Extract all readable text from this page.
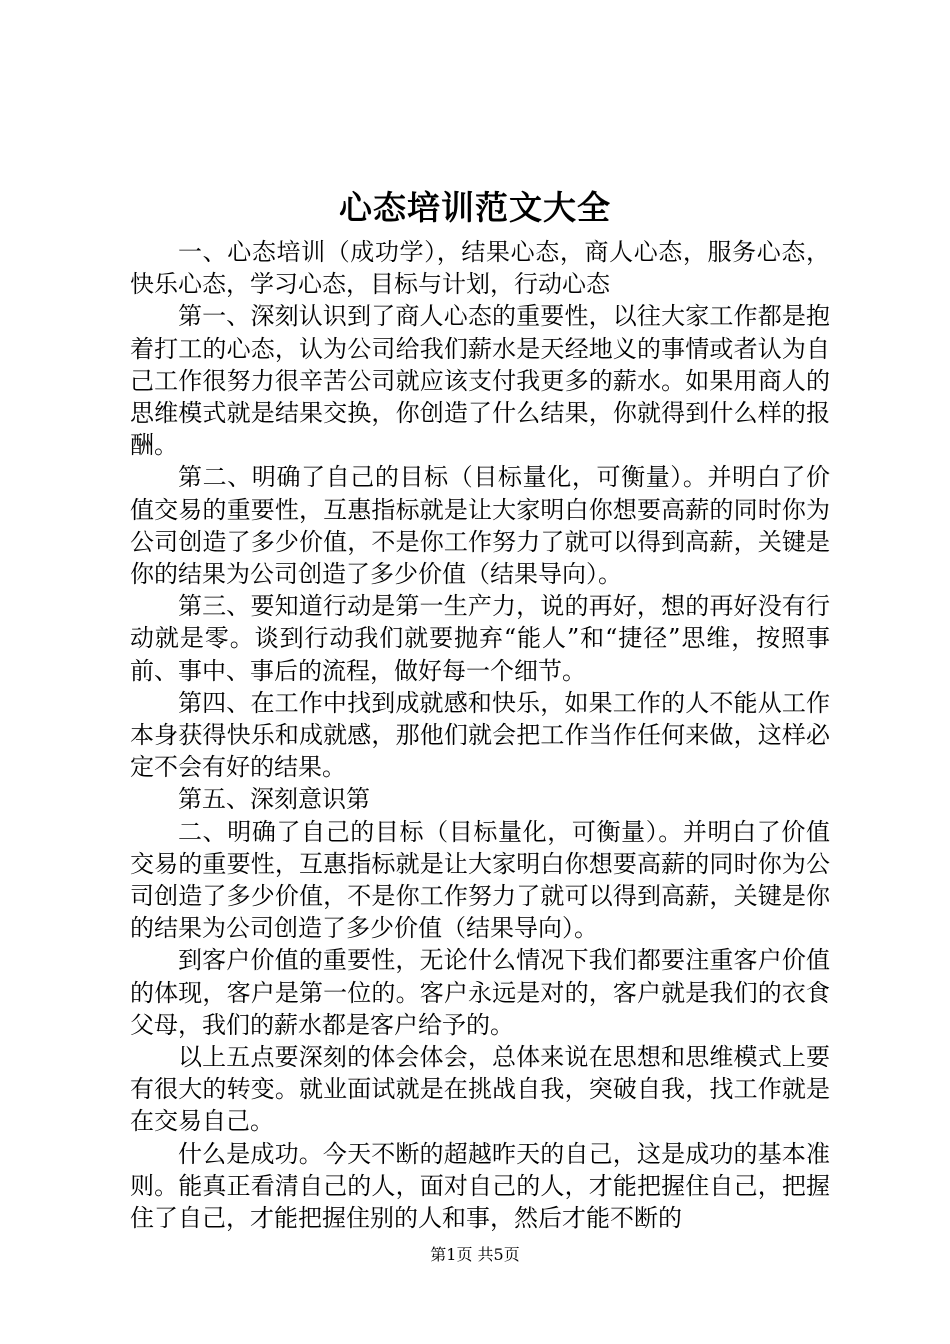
心态培训范文大全

一、心态培训（成功学），结果心态，商人心态，服务心态，快乐心态，学习心态，目标与计划，行动心态

第一、深刻认识到了商人心态的重要性，以往大家工作都是抱着打工的心态，认为公司给我们薪水是天经地义的事情或者认为自己工作很努力很辛苦公司就应该支付我更多的薪水。如果用商人的思维模式就是结果交换，你创造了什么结果，你就得到什么样的报酬。

第二、明确了自己的目标（目标量化，可衡量）。并明白了价值交易的重要性，互惠指标就是让大家明白你想要高薪的同时你为公司创造了多少价值，不是你工作努力了就可以得到高薪，关键是你的结果为公司创造了多少价值（结果导向）。

第三、要知道行动是第一生产力，说的再好，想的再好没有行动就是零。谈到行动我们就要抛弃“能人”和“捷径”思维，按照事前、事中、事后的流程，做好每一个细节。

第四、在工作中找到成就感和快乐，如果工作的人不能从工作本身获得快乐和成就感，那他们就会把工作当作任何来做，这样必定不会有好的结果。

第五、深刻意识第

二、明确了自己的目标（目标量化，可衡量）。并明白了价值交易的重要性，互惠指标就是让大家明白你想要高薪的同时你为公司创造了多少价值，不是你工作努力了就可以得到高薪，关键是你的结果为公司创造了多少价值（结果导向）。

到客户价值的重要性，无论什么情况下我们都要注重客户价值的体现，客户是第一位的。客户永远是对的，客户就是我们的衣食父母，我们的薪水都是客户给予的。

以上五点要深刻的体会体会，总体来说在思想和思维模式上要有很大的转变。就业面试就是在挑战自我，突破自我，找工作就是在交易自己。

什么是成功。今天不断的超越昨天的自己，这是成功的基本准则。能真正看清自己的人，面对自己的人，才能把握住自己，把握住了自己，才能把握住别的人和事，然后才能不断的

第1页 共5页
